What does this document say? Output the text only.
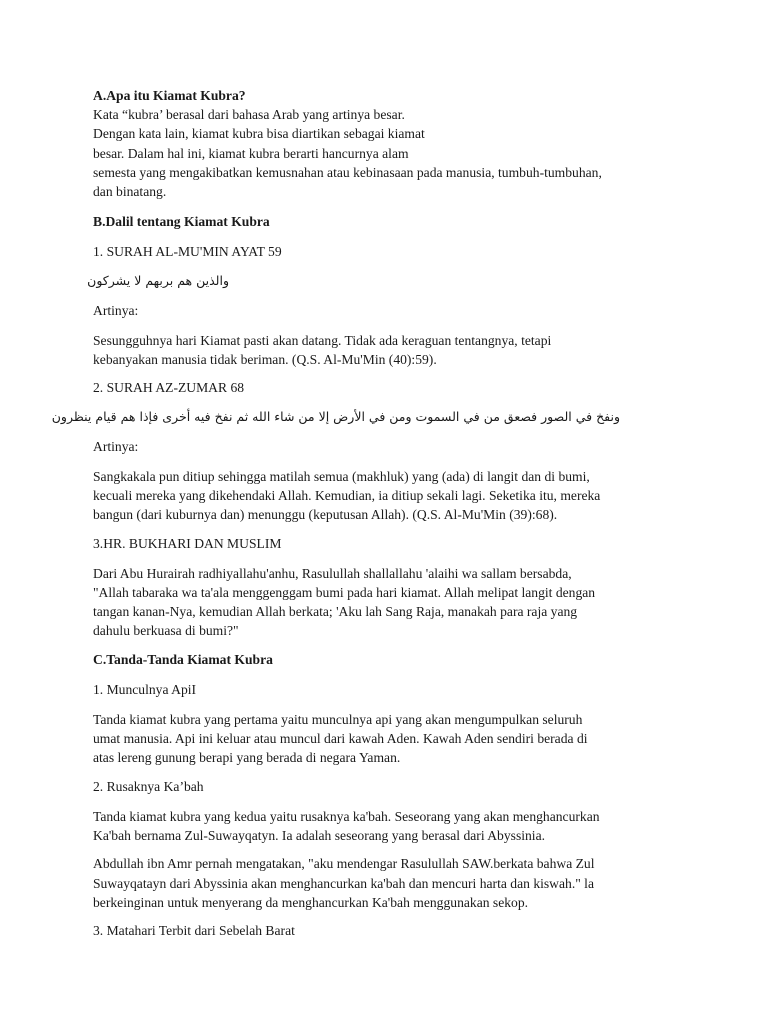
A.Apa itu Kiamat Kubra?
Kata “kubra’ berasal dari bahasa Arab yang artinya besar.
Dengan kata lain, kiamat kubra bisa diartikan sebagai kiamat
besar. Dalam hal ini, kiamat kubra berarti hancurnya alam
semesta yang mengakibatkan kemusnahan atau kebinasaan pada manusia, tumbuh-tumbuhan,
dan binatang.
B.Dalil tentang Kiamat Kubra
1. SURAH AL-MU'MIN AYAT 59
والذين هم بربهم لا يشركون
Artinya:
Sesungguhnya hari Kiamat pasti akan datang. Tidak ada keraguan tentangnya, tetapi
kebanyakan manusia tidak beriman. (Q.S. Al-Mu'Min (40):59).
2. SURAH AZ-ZUMAR 68
ونفخ في الصور فصعق من في السموت ومن في الأرض إلا من شاء الله ثم نفخ فيه أخرى فإذا هم قيام ينظرون
Artinya:
Sangkakala pun ditiup sehingga matilah semua (makhluk) yang (ada) di langit dan di bumi,
kecuali mereka yang dikehendaki Allah. Kemudian, ia ditiup sekali lagi. Seketika itu, mereka
bangun (dari kuburnya dan) menunggu (keputusan Allah). (Q.S. Al-Mu'Min (39):68).
3.HR. BUKHARI DAN MUSLIM
Dari Abu Hurairah radhiyallahu'anhu, Rasulullah shallallahu 'alaihi wa sallam bersabda,
"Allah tabaraka wa ta'ala menggenggam bumi pada hari kiamat. Allah melipat langit dengan
tangan kanan-Nya, kemudian Allah berkata; 'Aku lah Sang Raja, manakah para raja yang
dahulu berkuasa di bumi?"
C.Tanda-Tanda Kiamat Kubra
1. Munculnya ApiI
Tanda kiamat kubra yang pertama yaitu munculnya api yang akan mengumpulkan seluruh
umat manusia. Api ini keluar atau muncul dari kawah Aden. Kawah Aden sendiri berada di
atas lereng gunung berapi yang berada di negara Yaman.
2. Rusaknya Ka’bah
Tanda kiamat kubra yang kedua yaitu rusaknya ka'bah. Seseorang yang akan menghancurkan
Ka'bah bernama Zul-Suwayqatyn. Ia adalah seseorang yang berasal dari Abyssinia.
Abdullah ibn Amr pernah mengatakan, "aku mendengar Rasulullah SAW.berkata bahwa Zul
Suwayqatayn dari Abyssinia akan menghancurkan ka'bah dan mencuri harta dan kiswah." la
berkeinginan untuk menyerang da menghancurkan Ka'bah menggunakan sekop.
3. Matahari Terbit dari Sebelah Barat
